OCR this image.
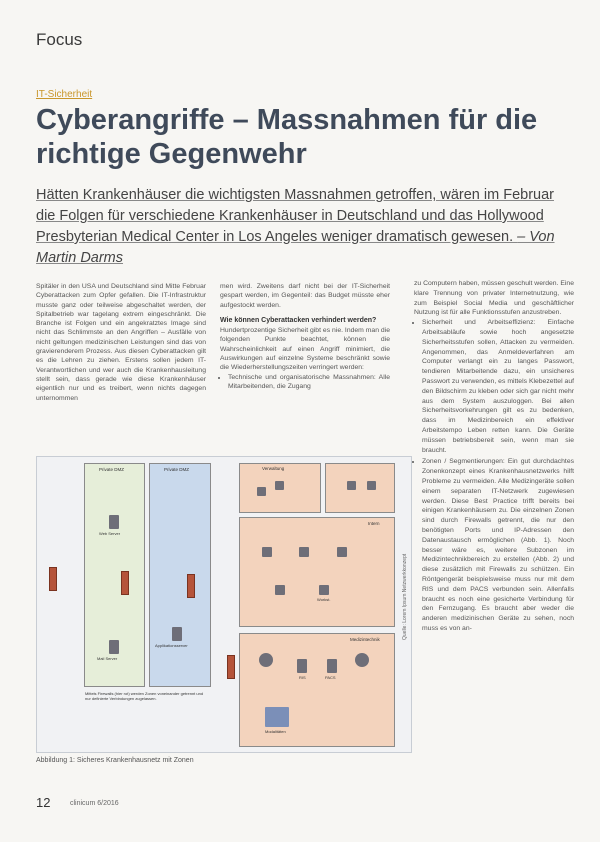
Focus
IT-Sicherheit
Cyberangriffe – Massnahmen für die richtige Gegenwehr
Hätten Krankenhäuser die wichtigsten Massnahmen getroffen, wären im Februar die Folgen für verschiedene Krankenhäuser in Deutschland und das Hollywood Presbyterian Medical Center in Los Angeles weniger dramatisch gewesen. – Von Martin Darms

Spitäler in den USA und Deutschland sind Mitte Februar Cyberattacken zum Opfer gefallen. Die IT-Infrastruktur musste ganz oder teilweise abgeschaltet werden, der Spitalbetrieb war tagelang extrem eingeschränkt. Die Branche ist Folgen und ein angekratztes Image sind nicht das Schlimmste an den Angriffen – Ausfälle von nicht geltungen medizinischen Leistungen sind das von gravierenderem Prozess. Aus diesen Cyberattacken gilt es die Lehren zu ziehen. Erstens sollen jedem IT-Verantwortlichen und wer auch die Krankenhausleitung stellt sein, dass gerade wie diese Krankenhäuser eigentlich nur und es treibert, wenn nichts dagegen unternommen

men wird. Zweitens darf nicht bei der IT-Sicherheit gespart werden, im Gegenteil: das Budget müsste eher aufgestockt werden.

Wie können Cyberattacken verhindert werden?

Hundertprozentige Sicherheit gibt es nie. Indem man die folgenden Punkte beachtet, können die Wahrscheinlichkeit auf einen Angriff minimiert, die Auswirkungen auf einzelne Systeme beschränkt sowie die Wiederherstellungszeiten verringert werden:

• Technische und organisatorische Massnahmen: Alle Mitarbeitenden, die Zugang

zu Computern haben, müssen geschult werden. Eine klare Trennung von privater Internetnutzung, wie zum Beispiel Social Media und geschäftlicher Nutzung ist für alle Funktionsstufen anzustreben.

• Sicherheit und Arbeitseffizienz: Einfache Arbeitsabläufe sowie hoch angesetzte Sicherheitsstufen sollen, Attacken zu vermeiden. Angenommen, das Anmeldeverfahren am Computer verlangt ein zu langes Passwort, tendieren Mitarbeitende dazu, ein unsicheres Passwort zu verwenden, es mittels Klebezettel auf den Bildschirm zu kleben oder sich gar nicht mehr aus dem System auszuloggen. Bei allen Sicherheitsvorkehrungen gilt es zu bedenken, dass im Medizinbereich ein effektiver Arbeitstempo Leben retten kann. Die Geräte müssen betriebsbereit sein, wenn man sie braucht.
• Zonen / Segmentierungen: Ein gut durchdachtes Zonenkonzept eines Krankenhausnetzwerks hilft Probleme zu vermeiden. Alle Medizingeräte sollen einem separaten IT-Netzwerk zugewiesen werden. Diese Best Practice trifft bereits bei einigen Krankenhäusern zu. Die einzelnen Zonen sind durch Firewalls getrennt, die nur den benötigten Ports und IP-Adressen den Datenaustausch ermöglichen (Abb. 1). Noch besser wäre es, weitere Subzonen im Medizintechnikbereich zu erstellen (Abb. 2) und diese zusätzlich mit Firewalls zu schützen. Ein Röntgengerät beispielsweise muss nur mit dem RIS und dem PACS verbunden sein. Allenfalls braucht es noch eine gesicherte Verbindung für den Fernzugang. Es braucht aber weder die anderen medizinischen Geräte zu sehen, noch muss es von an-
Private DMZ	Private DMZ	Verwaltung
Intern
Medizintechnik
Web Server
Mail Server
Applikationsserver
Workst.
RIS	PACS
Modalitäten
Mittels Firewalls (hier rot) werden Zonen voneinander getrennt und nur definierte Verbindungen zugelassen.
Quelle: Lorem Ipsum Netzwerkkonzept
Abbildung 1: Sicheres Krankenhausnetz mit Zonen
12	clinicum 6/2016
